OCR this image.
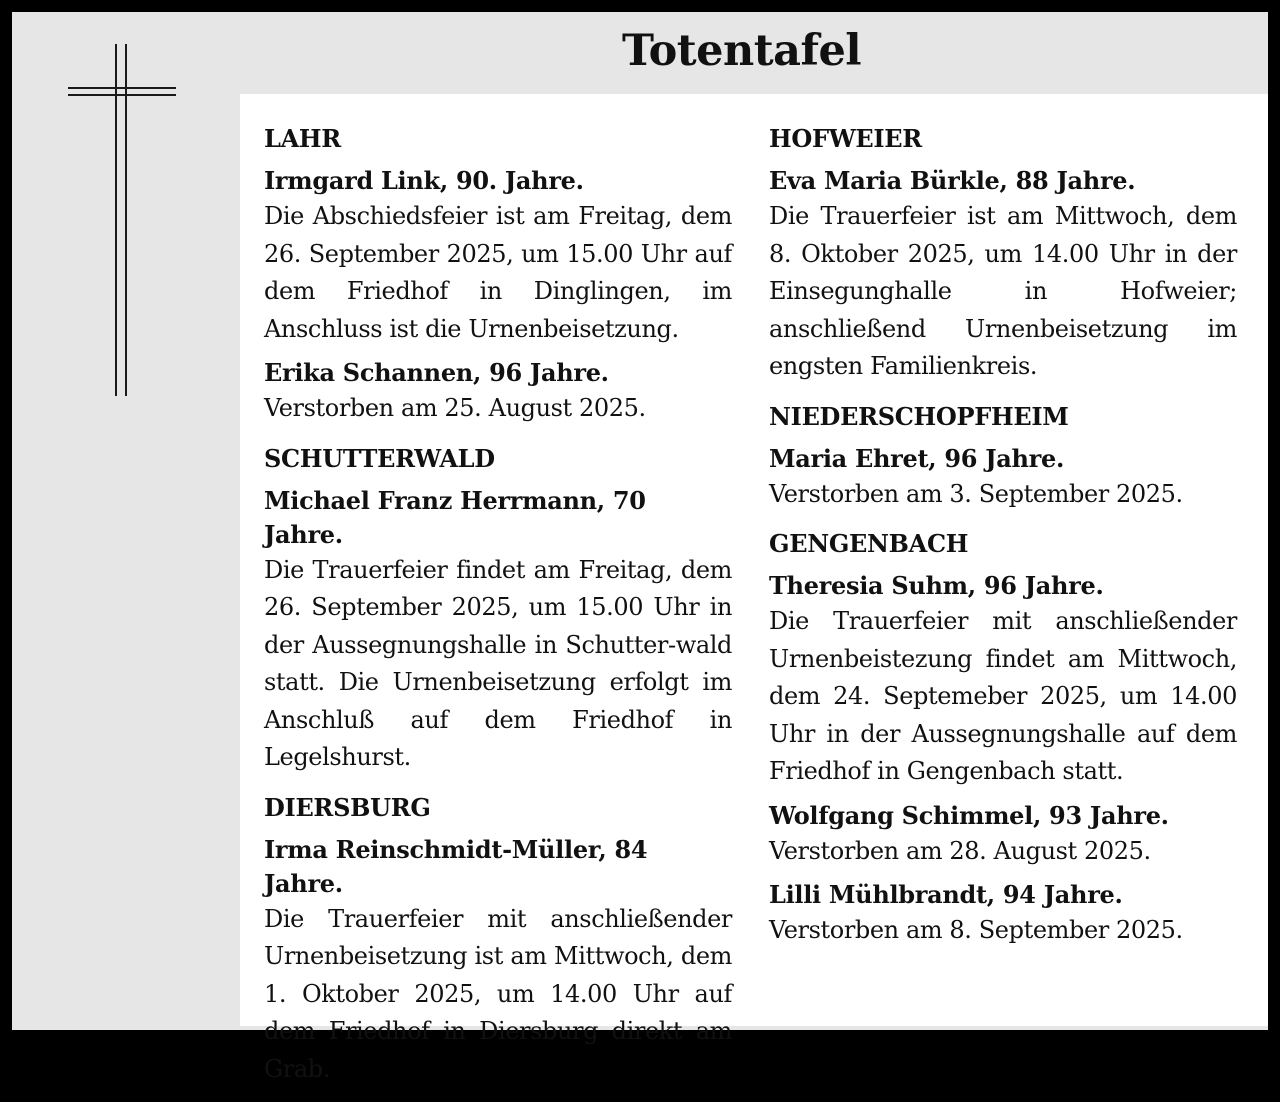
Totentafel

LAHR

Irmgard Link, 90. Jahre.

Die Abschiedsfeier ist am Freitag, dem 26. September 2025, um 15.00 Uhr auf dem Friedhof in Dinglingen, im Anschluss ist die Urnenbeisetzung.

Erika Schannen, 96 Jahre.

Verstorben am 25. August 2025.

SCHUTTERWALD

Michael Franz Herrmann, 70 Jahre.

Die Trauerfeier findet am Freitag, dem 26. September 2025, um 15.00 Uhr in der Aussegnungshalle in Schutter-wald statt. Die Urnenbeisetzung erfolgt im Anschluß auf dem Friedhof in Legelshurst.

DIERSBURG

Irma Reinschmidt-Müller, 84 Jahre.

Die Trauerfeier mit anschließender Urnenbeisetzung ist am Mittwoch, dem 1. Oktober 2025, um 14.00 Uhr auf dem Friedhof in Diersburg direkt am Grab.

HOFWEIER

Eva Maria Bürkle, 88 Jahre.

Die Trauerfeier ist am Mittwoch, dem 8. Oktober 2025, um 14.00 Uhr in der Einsegunghalle in Hofweier; anschließend Urnenbeisetzung im engsten Familienkreis.

NIEDERSCHOPFHEIM

Maria Ehret, 96 Jahre.

Verstorben am 3. September 2025.

GENGENBACH

Theresia Suhm, 96 Jahre.

Die Trauerfeier mit anschließender Urnenbeistezung findet am Mittwoch, dem 24. Septemeber 2025, um 14.00 Uhr in der Aussegnungshalle auf dem Friedhof in Gengenbach statt.

Wolfgang Schimmel, 93 Jahre.

Verstorben am 28. August 2025.

Lilli Mühlbrandt, 94 Jahre.

Verstorben am 8. September 2025.
